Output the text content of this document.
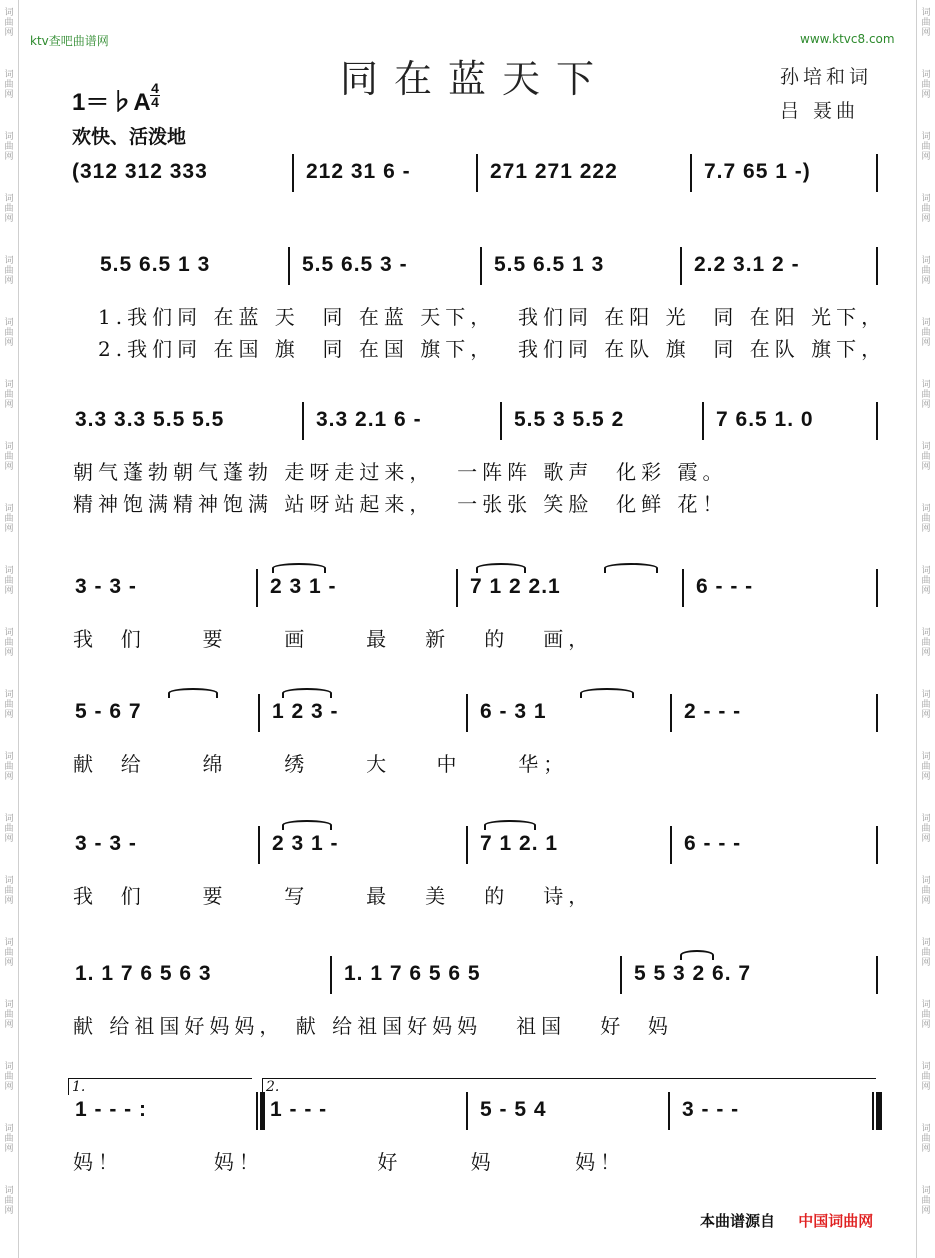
词曲网
词曲网
词曲网
词曲网
词曲网
词曲网
词曲网
词曲网
词曲网
词曲网
词曲网
词曲网
词曲网
词曲网
词曲网
词曲网
词曲网
词曲网
词曲网
词曲网
词曲网
词曲网
词曲网
词曲网
词曲网
词曲网
词曲网
词曲网
词曲网
词曲网
词曲网
词曲网
词曲网
词曲网
词曲网
词曲网
词曲网
词曲网
词曲网
词曲网
ktv查吧曲谱网	www.ktvc8.com
同在蓝天下	孙培和词
吕 聂曲
1＝♭A
4
4
欢快、活泼地
(312 312 333	212 31 6 -	271 271 222	7.7 65 1 -)
5.5 6.5 1 3	5.5 6.5 3 -	5.5 6.5 1 3	2.2 3.1 2 -
1.我们同 在蓝 天  同 在蓝 天下，  我们同 在阳 光  同 在阳 光下，
2.我们同 在国 旗  同 在国 旗下，  我们同 在队 旗  同 在队 旗下，
3.3 3.3 5.5 5.5	3.3 2.1 6 -	5.5 3 5.5 2	7 6.5 1. 0
朝气蓬勃朝气蓬勃 走呀走过来，  一阵阵 歌声  化彩 霞。
精神饱满精神饱满 站呀站起来，  一张张 笑脸  化鲜 花！
3 - 3 -	2 3 1 -	7 1 2 2.1	6 - - -
我  们     要     画     最   新   的   画，
5 - 6 7	1 2 3 -	6 - 3 1	2 - - -
献  给     绵     绣     大    中     华；
3 - 3 -	2 3 1 -	7 1 2. 1	6 - - -
我  们     要     写     最   美   的   诗，
1. 1 7 6 5 6 3	1. 1 7 6 5 6 5	5 5 3 2 6. 7
献 给祖国好妈妈， 献 给祖国好妈妈   祖国   好  妈
1 - - - :	1 - - -	5 - 5 4	3 - - -
1.	2.
妈！        妈！          好      妈       妈！
本曲谱源自 中国词曲网
